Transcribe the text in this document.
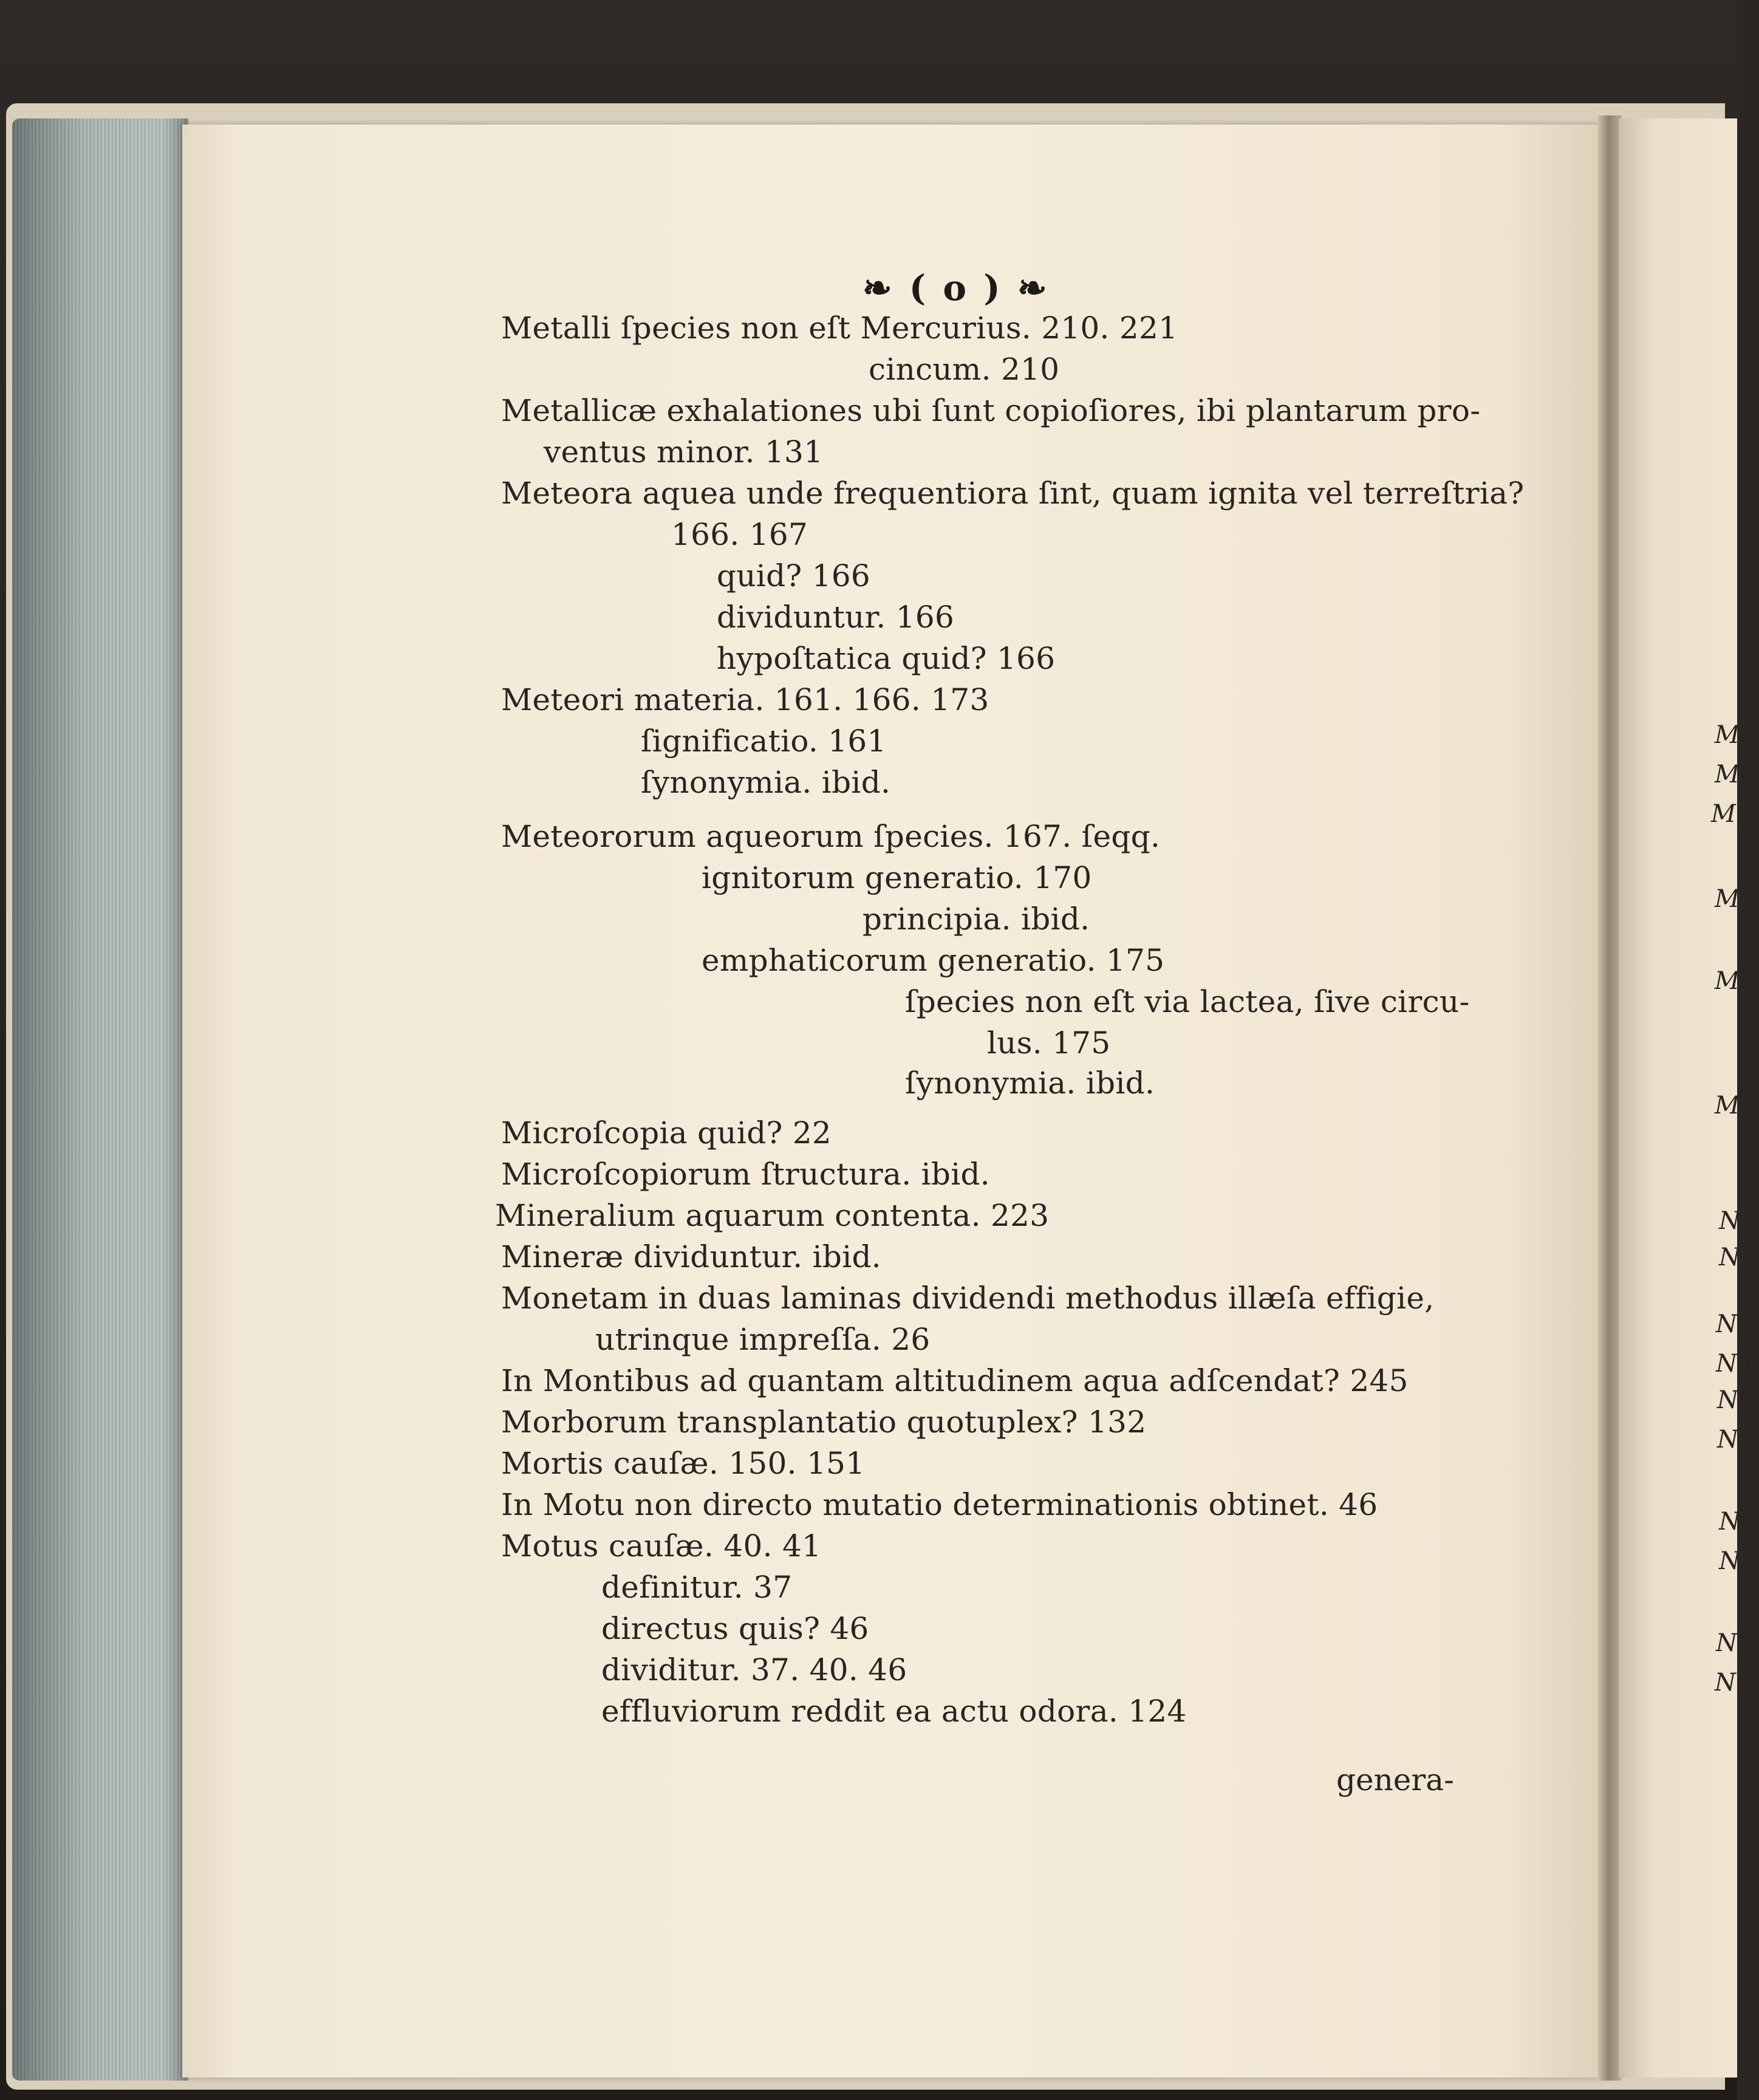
M
Mu
Mu
M
Mu
M
N
N
Na
Na
Ne
N
N
N
Ni
Nig
❧ ( o ) ❧
Metalli ſpecies non eſt Mercurius. 210. 221
cincum. 210
Metallicæ exhalationes ubi ſunt copioſiores, ibi plantarum pro-
ventus minor. 131
Meteora aquea unde frequentiora ſint, quam ignita vel terreſtria?
166. 167
quid? 166
dividuntur. 166
hypoſtatica quid? 166
Meteori materia. 161. 166. 173
ſignificatio. 161
ſynonymia. ibid.
Meteororum aqueorum ſpecies. 167. ſeqq.
ignitorum generatio. 170
principia. ibid.
emphaticorum generatio. 175
ſpecies non eſt via lactea, ſive circu-
lus. 175
ſynonymia. ibid.
Microſcopia quid? 22
Microſcopiorum ſtructura. ibid.
Mineralium aquarum contenta. 223
Mineræ dividuntur. ibid.
Monetam in duas laminas dividendi methodus illæſa effigie,
utrinque impreſſa. 26
In Montibus ad quantam altitudinem aqua adſcendat? 245
Morborum transplantatio quotuplex? 132
Mortis cauſæ. 150. 151
In Motu non directo mutatio determinationis obtinet. 46
Motus cauſæ. 40. 41
definitur. 37
directus quis? 46
dividitur. 37. 40. 46
effluviorum reddit ea actu odora. 124
genera-
